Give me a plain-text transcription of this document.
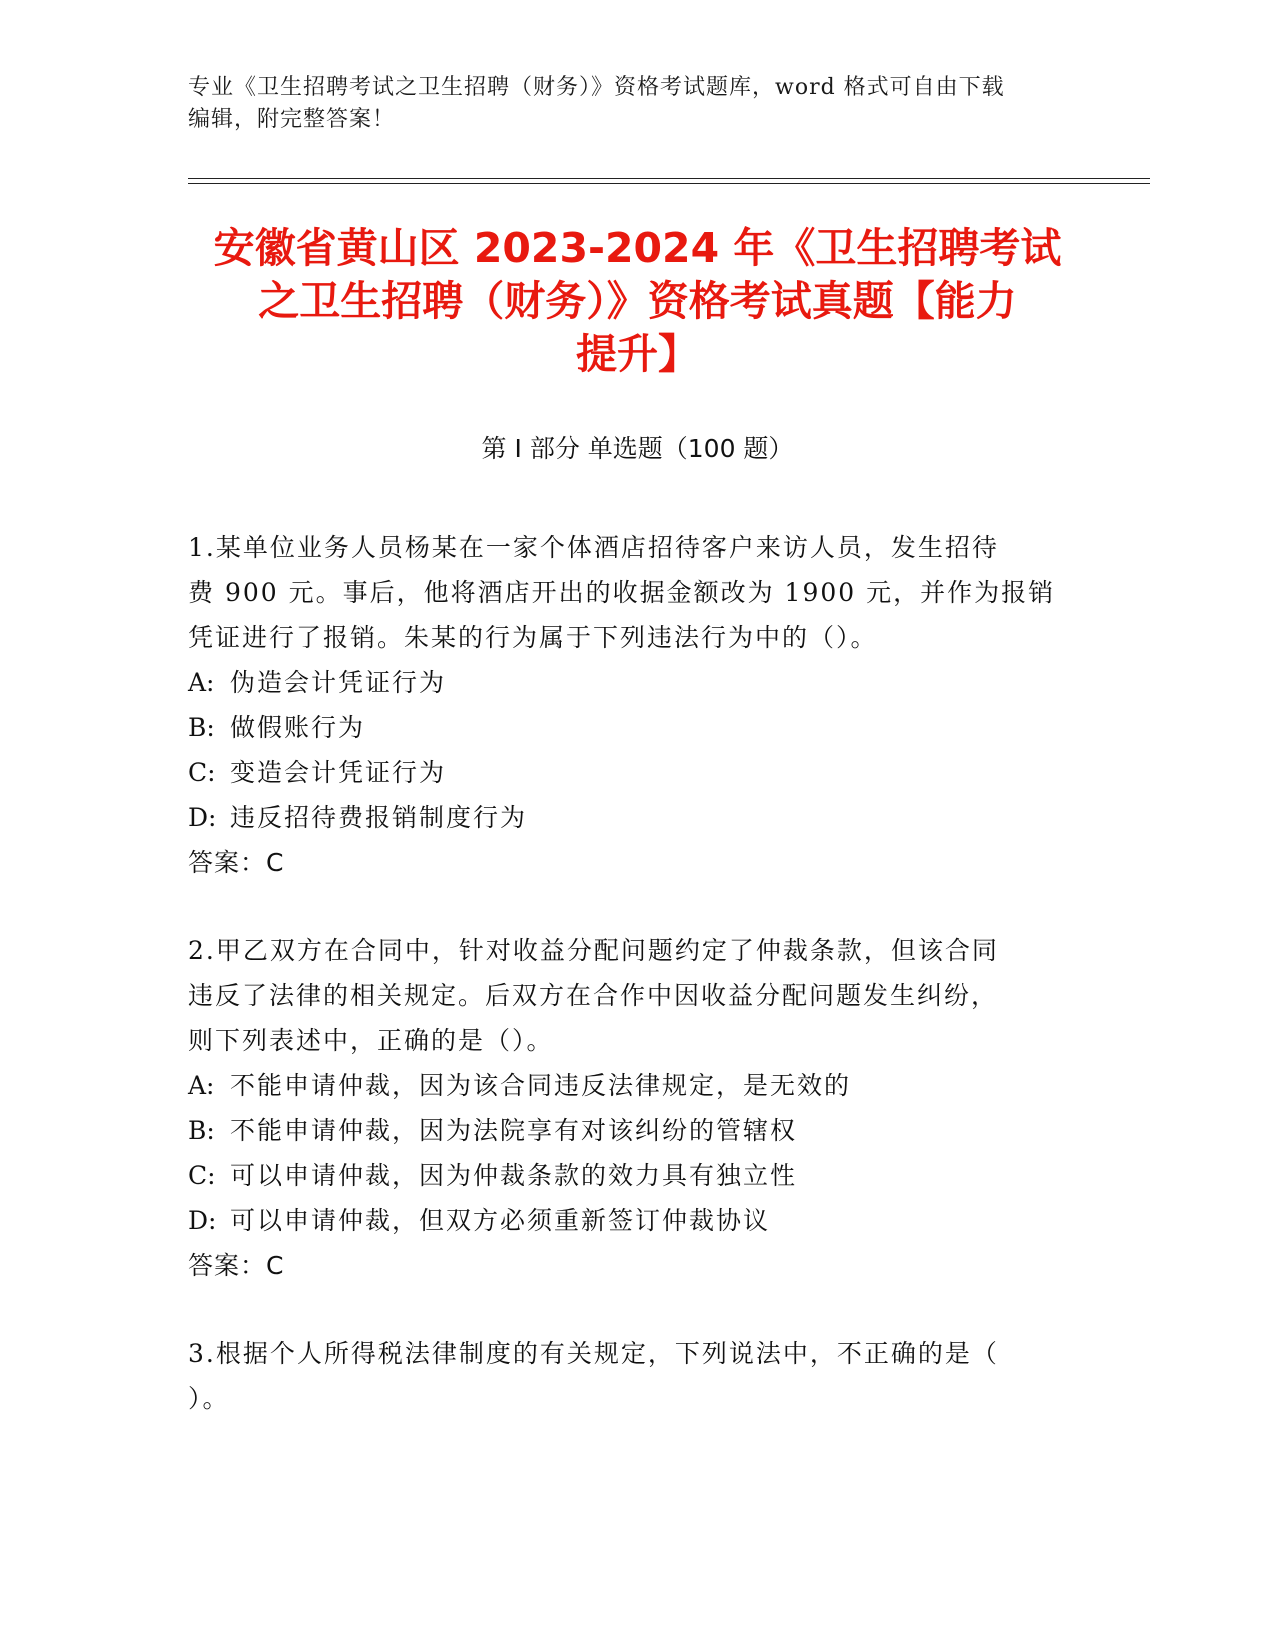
专业《卫生招聘考试之卫生招聘（财务）》资格考试题库，word 格式可自由下载
编辑，附完整答案！
安徽省黄山区 2023-2024 年《卫生招聘考试
之卫生招聘（财务）》资格考试真题【能力
提升】
第 I 部分 单选题（100 题）
1.某单位业务人员杨某在一家个体酒店招待客户来访人员，发生招待
费 900 元。事后，他将酒店开出的收据金额改为 1900 元，并作为报销
凭证进行了报销。朱某的行为属于下列违法行为中的（）。
A: 伪造会计凭证行为
B: 做假账行为
C: 变造会计凭证行为
D: 违反招待费报销制度行为
答案：C
2.甲乙双方在合同中，针对收益分配问题约定了仲裁条款，但该合同
违反了法律的相关规定。后双方在合作中因收益分配问题发生纠纷，
则下列表述中，正确的是（）。
A: 不能申请仲裁，因为该合同违反法律规定，是无效的
B: 不能申请仲裁，因为法院享有对该纠纷的管辖权
C: 可以申请仲裁，因为仲裁条款的效力具有独立性
D: 可以申请仲裁，但双方必须重新签订仲裁协议
答案：C
3.根据个人所得税法律制度的有关规定，下列说法中，不正确的是（
）。
